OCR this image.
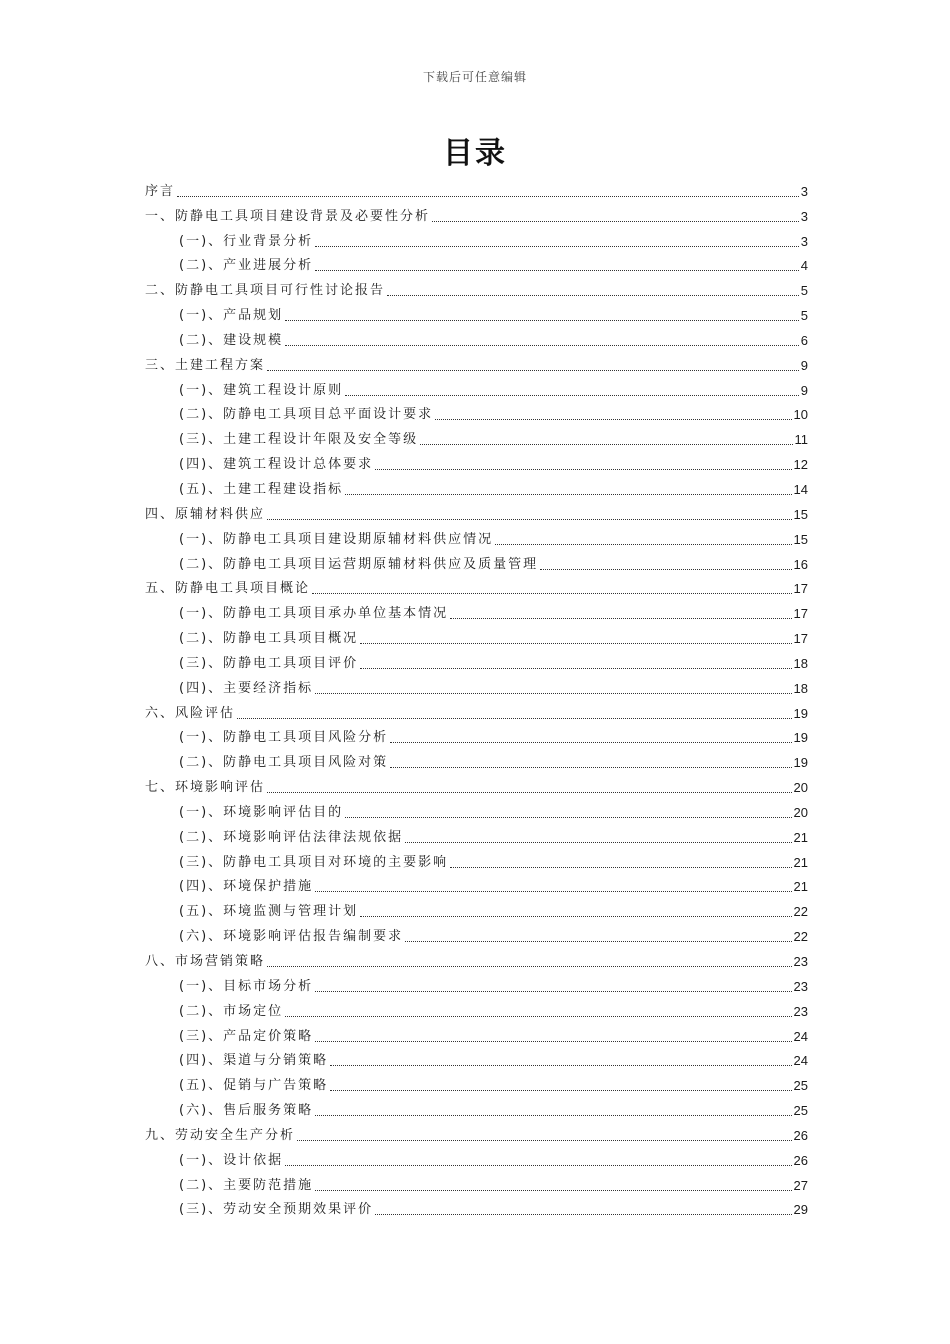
下载后可任意编辑
目录
序言	3
一、防静电工具项目建设背景及必要性分析	3
(一)、行业背景分析	3
(二)、产业进展分析	4
二、防静电工具项目可行性讨论报告	5
(一)、产品规划	5
(二)、建设规模	6
三、土建工程方案	9
(一)、建筑工程设计原则	9
(二)、防静电工具项目总平面设计要求	10
(三)、土建工程设计年限及安全等级	11
(四)、建筑工程设计总体要求	12
(五)、土建工程建设指标	14
四、原辅材料供应	15
(一)、防静电工具项目建设期原辅材料供应情况	15
(二)、防静电工具项目运营期原辅材料供应及质量管理	16
五、防静电工具项目概论	17
(一)、防静电工具项目承办单位基本情况	17
(二)、防静电工具项目概况	17
(三)、防静电工具项目评价	18
(四)、主要经济指标	18
六、风险评估	19
(一)、防静电工具项目风险分析	19
(二)、防静电工具项目风险对策	19
七、环境影响评估	20
(一)、环境影响评估目的	20
(二)、环境影响评估法律法规依据	21
(三)、防静电工具项目对环境的主要影响	21
(四)、环境保护措施	21
(五)、环境监测与管理计划	22
(六)、环境影响评估报告编制要求	22
八、市场营销策略	23
(一)、目标市场分析	23
(二)、市场定位	23
(三)、产品定价策略	24
(四)、渠道与分销策略	24
(五)、促销与广告策略	25
(六)、售后服务策略	25
九、劳动安全生产分析	26
(一)、设计依据	26
(二)、主要防范措施	27
(三)、劳动安全预期效果评价	29
